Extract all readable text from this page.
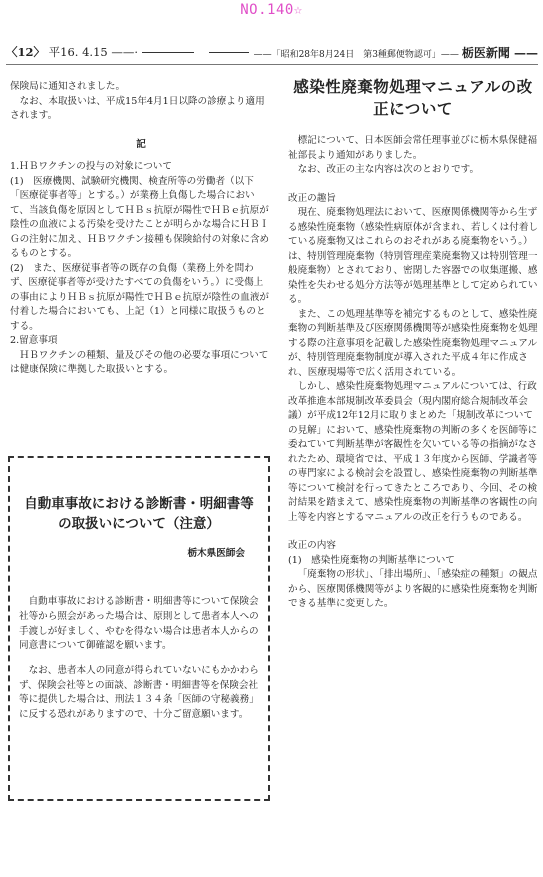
NO.140☆
〈12〉 平16. 4.15 ——·	——「昭和28年8月24日　第3種郵便物認可」—— 栃医新聞 ——

保険局に通知されました。

なお、本取扱いは、平成15年4月1日以降の診療より適用されます。

記

1.ＨＢワクチンの投与の対象について

(1)　医療機関、試験研究機関、検査所等の労働者（以下「医療従事者等」とする。）が業務上負傷した場合において、当該負傷を原因としてＨＢｓ抗原が陽性でＨＢｅ抗原が陰性の血液による汚染を受けたことが明らかな場合にＨＢＩＧの注射に加え、ＨＢワクチン接種も保険給付の対象に含めるものとする。

(2)　また、医療従事者等の既存の負傷（業務上外を問わず、医療従事者等が受けたすべての負傷をいう。）に受傷上の事由によりＨＢｓ抗原が陽性でＨＢｅ抗原が陰性の血液が付着した場合においても、上記（1）と同様に取扱うものとする。

2.留意事項

ＨＢワクチンの種類、量及びその他の必要な事項については健康保険に準拠した取扱いとする。

自動車事故における診断書・明細書等の取扱いについて（注意）

栃木県医師会

自動車事故における診断書・明細書等について保険会社等から照会があった場合は、原則として患者本人への手渡しが好ましく、やむを得ない場合は患者本人からの同意書について御確認を願います。

なお、患者本人の同意が得られていないにもかかわらず、保険会社等との面談、診断書・明細書等を保険会社等に提供した場合は、刑法１３４条「医師の守秘義務」に反する恐れがありますので、十分ご留意願います。

感染性廃棄物処理マニュアルの改正について

標記について、日本医師会常任理事並びに栃木県保健福祉部長より通知がありました。

なお、改正の主な内容は次のとおりです。

改正の趣旨

現在、廃棄物処理法において、医療関係機関等から生ずる感染性廃棄物（感染性病原体が含まれ、若しくは付着している廃棄物又はこれらのおそれがある廃棄物をいう。）は、特別管理廃棄物（特別管理産業廃棄物又は特別管理一般廃棄物）とされており、密閉した容器での収集運搬、感染性を失わせる処分方法等が処理基準として定められている。

また、この処理基準等を補完するものとして、感染性廃棄物の判断基準及び医療関係機関等が感染性廃棄物を処理する際の注意事項を記載した感染性廃棄物処理マニュアルが、特別管理廃棄物制度が導入された平成４年に作成され、医療現場等で広く活用されている。

しかし、感染性廃棄物処理マニュアルについては、行政改革推進本部規制改革委員会（現内閣府総合規制改革会議）が平成12年12月に取りまとめた「規制改革についての見解」において、感染性廃棄物の判断の多くを医師等に委ねていて判断基準が客観性を欠いている等の指摘がなされたため、環境省では、平成１３年度から医師、学識者等の専門家による検討会を設置し、感染性廃棄物の判断基準等について検討を行ってきたところであり、今回、その検討結果を踏まえて、感染性廃棄物の判断基準の客観性の向上等を内容とするマニュアルの改正を行うものである。

改正の内容

(1)　感染性廃棄物の判断基準について

「廃棄物の形状」、「排出場所」、「感染症の種類」の観点から、医療関係機関等がより客観的に感染性廃棄物を判断できる基準に変更した。
